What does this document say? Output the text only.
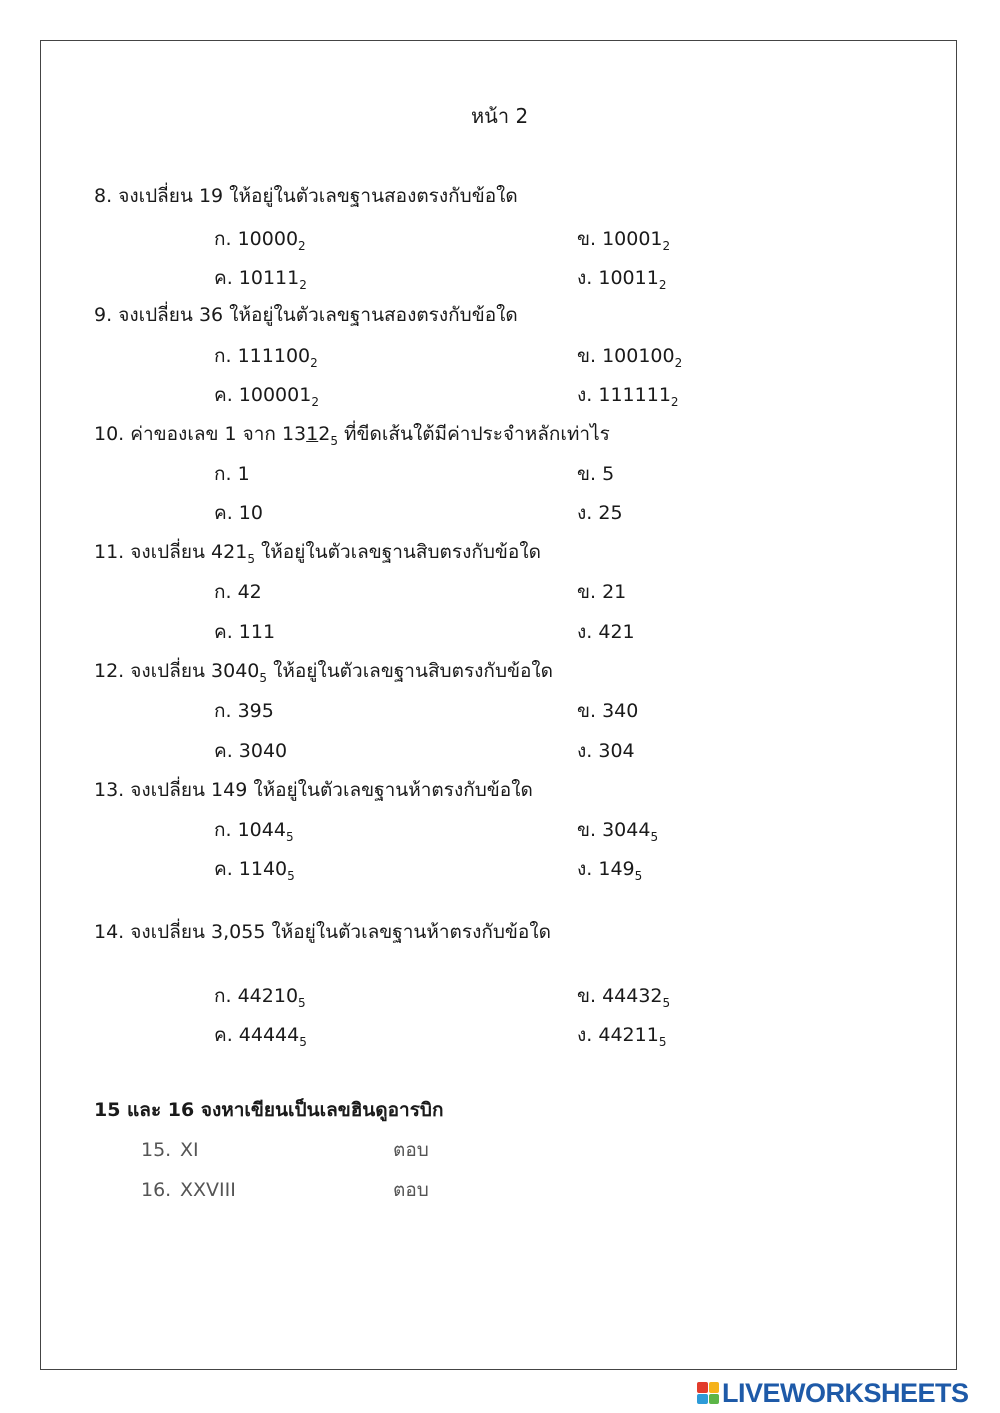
หน้า 2
8. จงเปลี่ยน 19 ให้อยู่ในตัวเลขฐานสองตรงกับข้อใด
ก. $10000_2$	ข. $10001_2$
ค. $10111_2$	ง. $10011_2$
9. จงเปลี่ยน 36 ให้อยู่ในตัวเลขฐานสองตรงกับข้อใด
ก. $111100_2$	ข. $100100_2$
ค. $100001_2$	ง. $111111_2$
10. ค่าของเลข 1 จาก $1312_5$ ที่ขีดเส้นใต้มีค่าประจำหลักเท่าไร
ก. 1	ข. 5
ค. 10	ง. 25
11. จงเปลี่ยน $421_5$ ให้อยู่ในตัวเลขฐานสิบตรงกับข้อใด
ก. 42	ข. 21
ค. 111	ง. 421
12. จงเปลี่ยน $3040_5$ ให้อยู่ในตัวเลขฐานสิบตรงกับข้อใด
ก. 395	ข. 340
ค. 3040	ง. 304
13. จงเปลี่ยน 149 ให้อยู่ในตัวเลขฐานห้าตรงกับข้อใด
ก. $1044_5$	ข. $3044_5$
ค. $1140_5$	ง. $149_5$
14. จงเปลี่ยน 3,055 ให้อยู่ในตัวเลขฐานห้าตรงกับข้อใด
ก. $44210_5$	ข. $44432_5$
ค. $44444_5$	ง. $44211_5$
15 และ 16 จงหาเขียนเป็นเลขฮินดูอารบิก
15. XI	ตอบ
16. XXVIII	ตอบ
LIVEWORKSHEETS
